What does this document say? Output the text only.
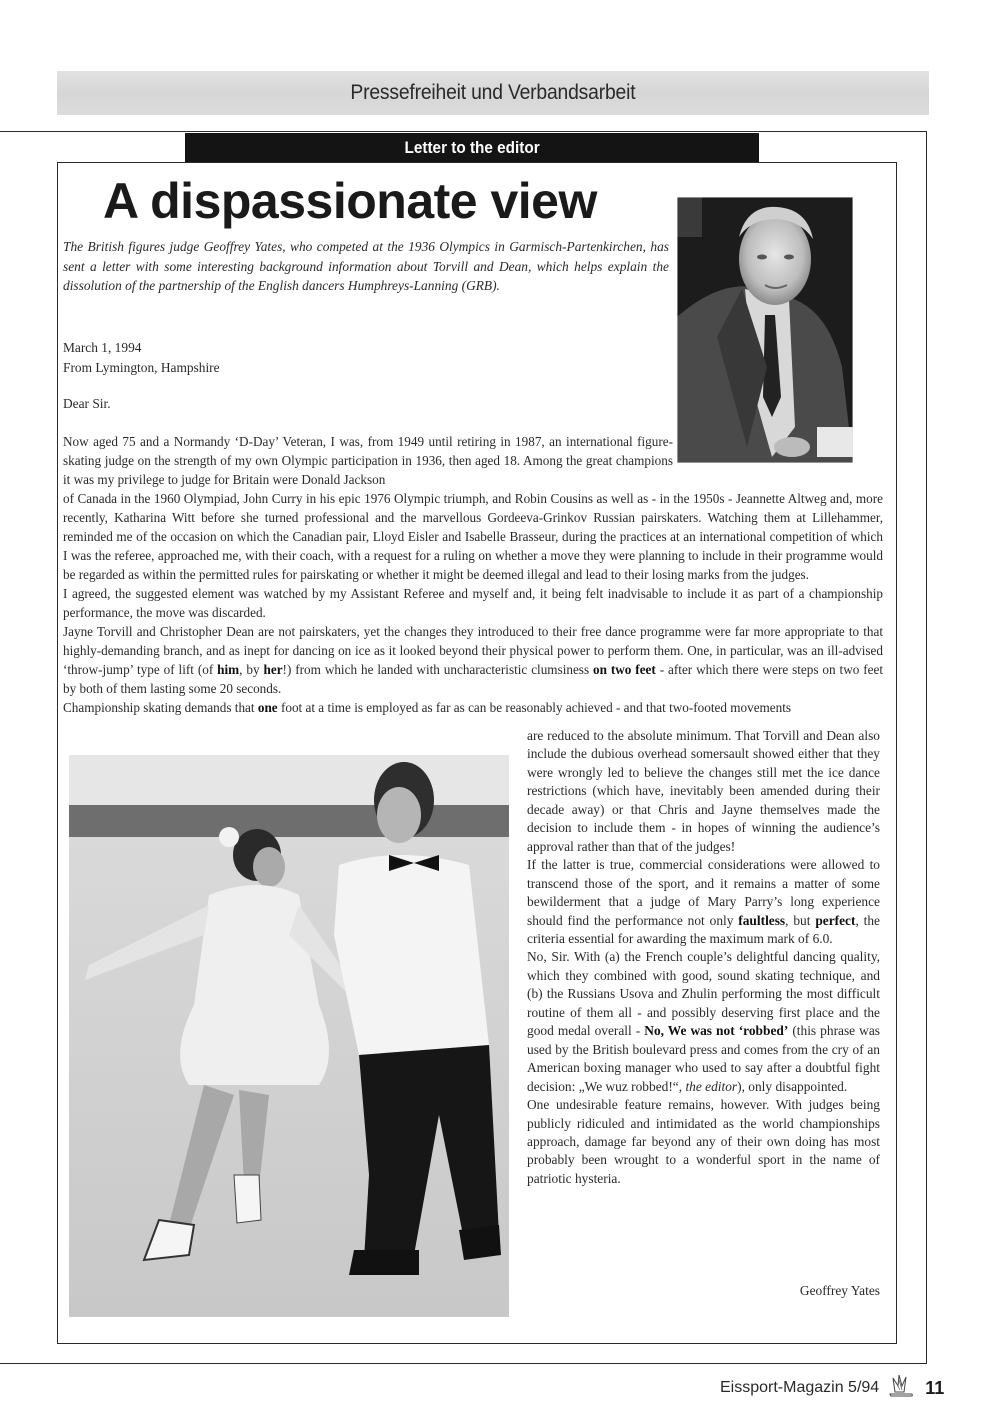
Pressefreiheit und Verbandsarbeit
Letter to the editor
A dispassionate view
The British figures judge Geoffrey Yates, who competed at the 1936 Olympics in Garmisch-Partenkirchen, has sent a letter with some interesting background information about Torvill and Dean, which helps explain the dissolution of the partnership of the English dancers Humphreys-Lanning (GRB).
March 1, 1994
From Lymington, Hampshire
Dear Sir.

Now aged 75 and a Normandy ‘D-Day’ Veteran, I was, from 1949 until retiring in 1987, an international figure-skating judge on the strength of my own Olympic participation in 1936, then aged 18. Among the great champions it was my privilege to judge for Britain were Donald Jackson

of Canada in the 1960 Olympiad, John Curry in his epic 1976 Olympic triumph, and Robin Cousins as well as - in the 1950s - Jeannette Altweg and, more recently, Katharina Witt before she turned professional and the marvellous Gordeeva-Grinkov Russian pairskaters. Watching them at Lillehammer, reminded me of the occasion on which the Canadian pair, Lloyd Eisler and Isabelle Brasseur, during the practices at an international competition of which I was the referee, approached me, with their coach, with a request for a ruling on whether a move they were planning to include in their programme would be regarded as within the permitted rules for pairskating or whether it might be deemed illegal and lead to their losing marks from the judges.

I agreed, the suggested element was watched by my Assistant Referee and myself and, it being felt inadvisable to include it as part of a championship performance, the move was discarded.

Jayne Torvill and Christopher Dean are not pairskaters, yet the changes they introduced to their free dance programme were far more appropriate to that highly-demanding branch, and as inept for dancing on ice as it looked beyond their physical power to perform them. One, in particular, was an ill-advised ‘throw-jump’ type of lift (of him, by her!) from which he landed with uncharacteristic clumsiness on two feet - after which there were steps on two feet by both of them lasting some 20 seconds.

Championship skating demands that one foot at a time is employed as far as can be reasonably achieved - and that two-footed movements

are reduced to the absolute minimum. That Torvill and Dean also include the dubious overhead somersault showed either that they were wrongly led to believe the changes still met the ice dance restrictions (which have, inevitably been amended during their decade away) or that Chris and Jayne themselves made the decision to include them - in hopes of winning the audience’s approval rather than that of the judges!

If the latter is true, commercial considerations were allowed to transcend those of the sport, and it remains a matter of some bewilderment that a judge of Mary Parry’s long experience should find the performance not only faultless, but perfect, the criteria essential for awarding the maximum mark of 6.0.

No, Sir. With (a) the French couple’s delightful dancing quality, which they combined with good, sound skating technique, and (b) the Russians Usova and Zhulin performing the most difficult routine of them all - and possibly deserving first place and the good medal overall - No, We was not ‘robbed’ (this phrase was used by the British boulevard press and comes from the cry of an American boxing manager who used to say after a doubtful fight decision: „We wuz robbed!“, the editor), only disappointed.

One undesirable feature remains, however. With judges being publicly ridiculed and intimidated as the world championships approach, damage far beyond any of their own doing has most probably been wrought to a wonderful sport in the name of patriotic hysteria.

Geoffrey Yates
Eissport-Magazin 5/94	11
